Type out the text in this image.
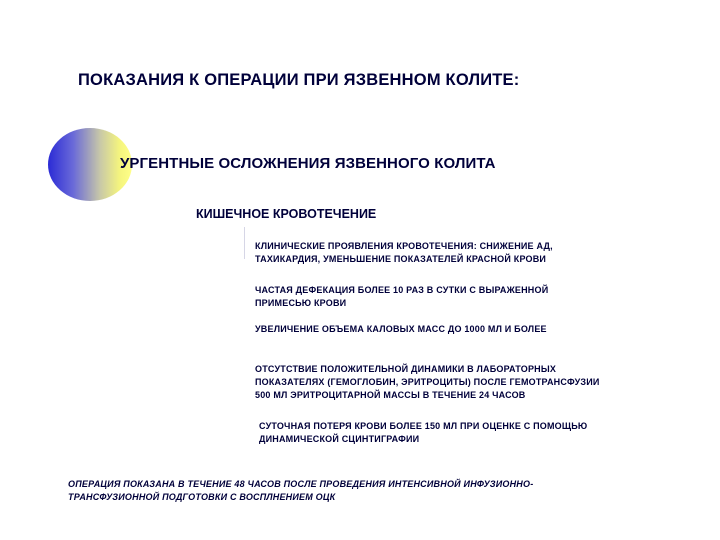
ПОКАЗАНИЯ К ОПЕРАЦИИ ПРИ ЯЗВЕННОМ КОЛИТЕ:
УРГЕНТНЫЕ ОСЛОЖНЕНИЯ ЯЗВЕННОГО КОЛИТА
КИШЕЧНОЕ КРОВОТЕЧЕНИЕ
КЛИНИЧЕСКИЕ ПРОЯВЛЕНИЯ КРОВОТЕЧЕНИЯ: СНИЖЕНИЕ АД,
ТАХИКАРДИЯ, УМЕНЬШЕНИЕ ПОКАЗАТЕЛЕЙ КРАСНОЙ КРОВИ
ЧАСТАЯ ДЕФЕКАЦИЯ БОЛЕЕ 10 РАЗ В СУТКИ С ВЫРАЖЕННОЙ
ПРИМЕСЬЮ КРОВИ
УВЕЛИЧЕНИЕ ОБЪЕМА КАЛОВЫХ МАСС ДО 1000 МЛ И БОЛЕЕ
ОТСУТСТВИЕ ПОЛОЖИТЕЛЬНОЙ ДИНАМИКИ В ЛАБОРАТОРНЫХ
ПОКАЗАТЕЛЯХ (ГЕМОГЛОБИН, ЭРИТРОЦИТЫ) ПОСЛЕ ГЕМОТРАНСФУЗИИ
500 МЛ ЭРИТРОЦИТАРНОЙ МАССЫ В ТЕЧЕНИЕ 24 ЧАСОВ
СУТОЧНАЯ ПОТЕРЯ КРОВИ БОЛЕЕ 150 МЛ ПРИ ОЦЕНКЕ С ПОМОЩЬЮ
ДИНАМИЧЕСКОЙ СЦИНТИГРАФИИ
ОПЕРАЦИЯ ПОКАЗАНА В ТЕЧЕНИЕ 48 ЧАСОВ ПОСЛЕ ПРОВЕДЕНИЯ ИНТЕНСИВНОЙ ИНФУЗИОННО-
ТРАНСФУЗИОННОЙ ПОДГОТОВКИ С ВОСПЛНЕНИЕМ ОЦК
